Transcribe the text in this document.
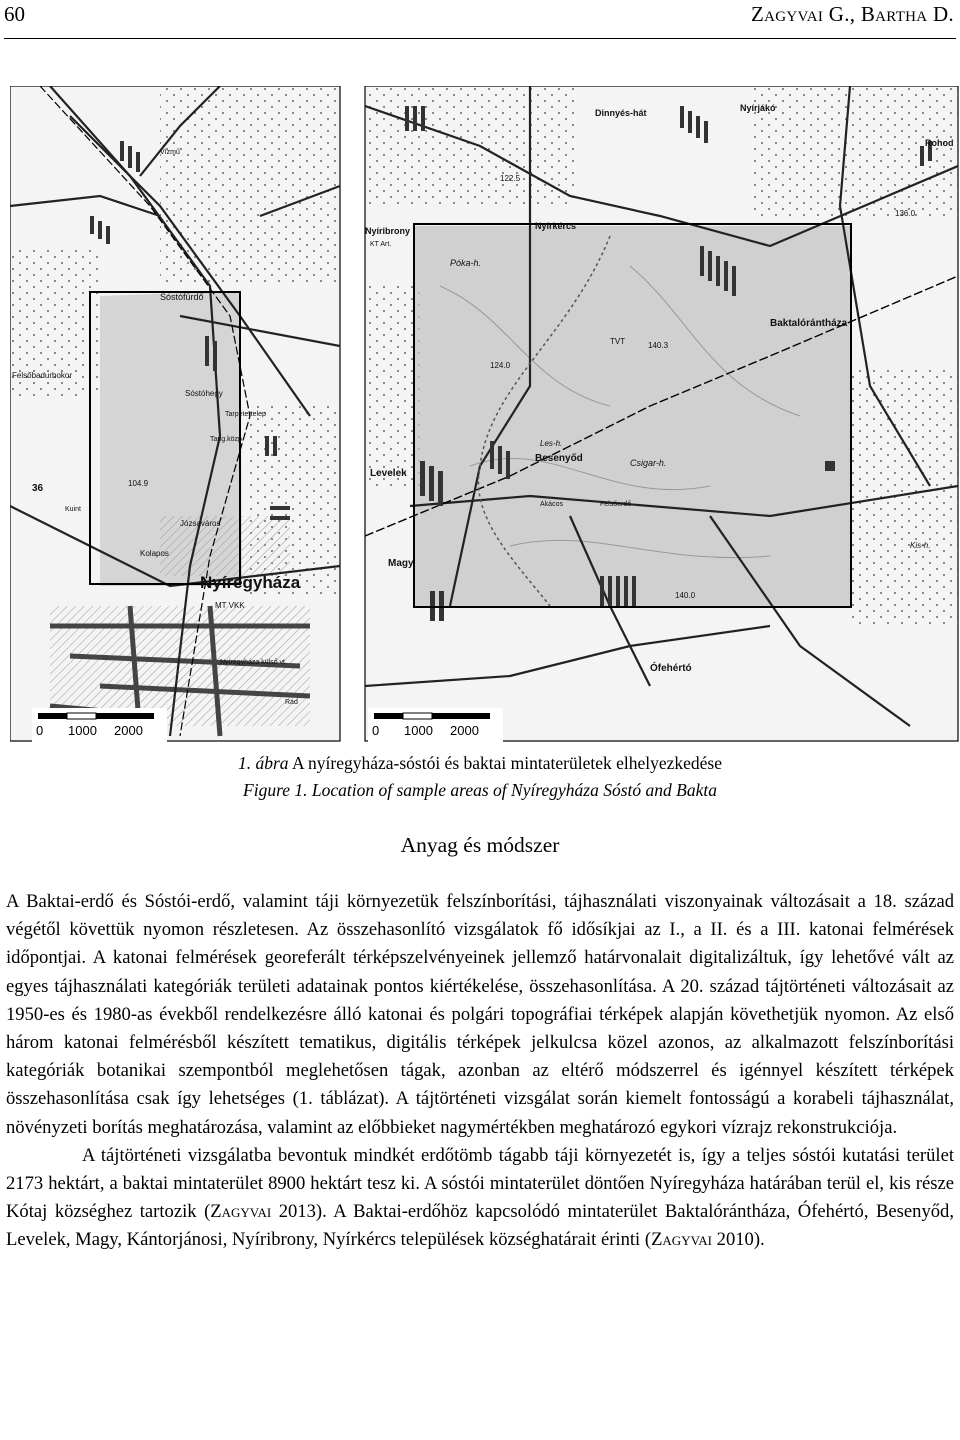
60	Zagyvai G., Bartha D.
Nyíregyháza
Sóstófürdő
Felsőbadurbokor
Sóstóhegy
Kolapos
Tarpétertelep
Józsaváros
MT VKK
Vízmű
Tang.közp.
Kuint
Rád
Nyíregyháza külső vt.
104.9
36
0 1000 2000
Dinnyés-hát	Nyírjákó
Rohod
Nyíribrony	Nyírkércs
Póka-h.
Baktalórántháza
TVT
Csigar-h.
Les-h.
Besenyőd
Levelek
Magy
Ófehértó
Kis-h.
Felsőerdő
Akácos
KT Art.
122.5
136.0
124.0
140.3
140.0
0 1000 2000
1. ábra A nyíregyháza-sóstói és baktai mintaterületek elhelyezkedése
Figure 1. Location of sample areas of Nyíregyháza Sóstó and Bakta
Anyag és módszer

A Baktai-erdő és Sóstói-erdő, valamint táji környezetük felszínborítási, tájhasználati viszonyainak változásait a 18. század végétől követtük nyomon részletesen. Az összehasonlító vizsgálatok fő idősíkjai az I., a II. és a III. katonai felmérések időpontjai. A katonai felmérések georeferált térképszelvényeinek jellemző határvonalait digitalizáltuk, így lehetővé vált az egyes tájhasználati kategóriák területi adatainak pontos kiértékelése, összehasonlítása. A 20. század tájtörténeti változásait az 1950-es és 1980-as évekből rendelkezésre álló katonai és polgári topográfiai térképek alapján követhetjük nyomon. Az első három katonai felmérésből készített tematikus, digitális térképek jelkulcsa közel azonos, az alkalmazott felszínborítási kategóriák botanikai szempontból meglehetősen tágak, azonban az eltérő módszerrel és igénnyel készített térképek összehasonlítása csak így lehetséges (1. táblázat). A tájtörténeti vizsgálat során kiemelt fontosságú a korabeli tájhasználat, növényzeti borítás meghatározása, valamint az előbbieket nagymértékben meghatározó egykori vízrajz rekonstrukciója.

A tájtörténeti vizsgálatba bevontuk mindkét erdőtömb tágabb táji környezetét is, így a teljes sóstói kutatási terület 2173 hektárt, a baktai mintaterület 8900 hektárt tesz ki. A sóstói mintaterület döntően Nyíregyháza határában terül el, kis része Kótaj községhez tartozik (Zagyvai 2013). A Baktai-erdőhöz kapcsolódó mintaterület Baktalórántháza, Ófehértó, Besenyőd, Levelek, Magy, Kántorjánosi, Nyíribrony, Nyírkércs települések községhatárait érinti (Zagyvai 2010).
